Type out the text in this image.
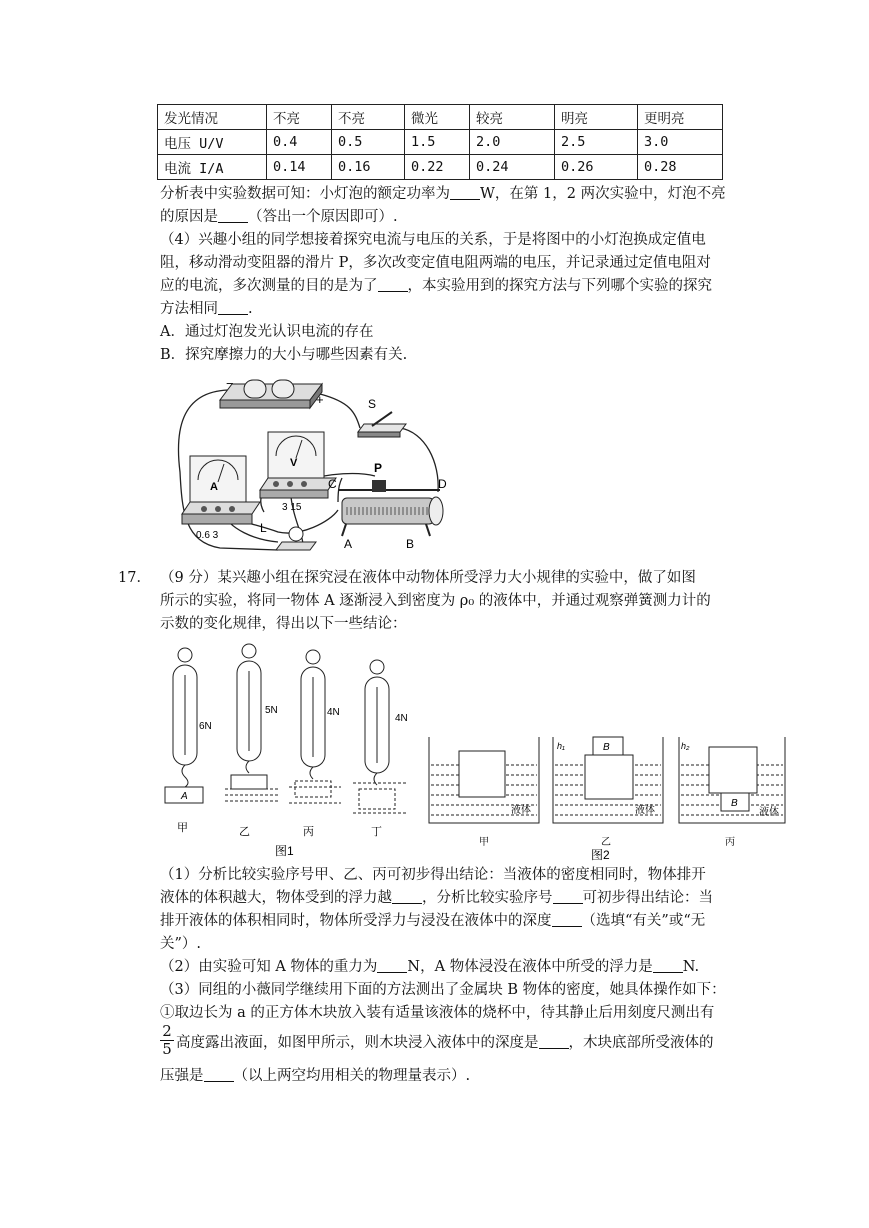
发光情况	不亮	不亮	微光	较亮	明亮	更明亮
电压 U/V	0.4	0.5	1.5	2.0	2.5	3.0
电流 I/A	0.14	0.16	0.22	0.24	0.26	0.28
分析表中实验数据可知：小灯泡的额定功率为 W，在第 1，2 两次实验中，灯泡不亮
的原因是 （答出一个原因即可）.
（4）兴趣小组的同学想接着探究电流与电压的关系，于是将图中的小灯泡换成定值电
阻，移动滑动变阻器的滑片 P，多次改变定值电阻两端的电压，并记录通过定值电阻对
应的电流，多次测量的目的是为了 ，本实验用到的探究方法与下列哪个实验的探究
方法相同 .
A．通过灯泡发光认识电流的存在
B．探究摩擦力的大小与哪些因素有关.
−
+	S
A
0.6 3
V
3 15
L
P
C	D
A	B
17． （9 分）某兴趣小组在探究浸在液体中动物体所受浮力大小规律的实验中，做了如图
所示的实验，将同一物体 A 逐渐浸入到密度为 ρ₀ 的液体中，并通过观察弹簧测力计的
示数的变化规律，得出以下一些结论：
A
6N
甲
5N
乙
4N
丙
4N
丁
图1
液体
甲
B
h₁
液体
乙
B
h₂
液体
丙
图2
（1）分析比较实验序号甲、乙、丙可初步得出结论：当液体的密度相同时，物体排开
液体的体积越大，物体受到的浮力越 ，分析比较实验序号 可初步得出结论：当
排开液体的体积相同时，物体所受浮力与浸没在液体中的深度 （选填“有关”或“无
关”）.
（2）由实验可知 A 物体的重力为 N，A 物体浸没在液体中所受的浮力是 N.
（3）同组的小薇同学继续用下面的方法测出了金属块 B 物体的密度，她具体操作如下：
①取边长为 a 的正方体木块放入装有适量该液体的烧杯中，待其静止后用刻度尺测出有
$\frac{2}{5}$ 高度露出液面，如图甲所示，则木块浸入液体中的深度是 ，木块底部所受液体的
压强是 （以上两空均用相关的物理量表示）.
